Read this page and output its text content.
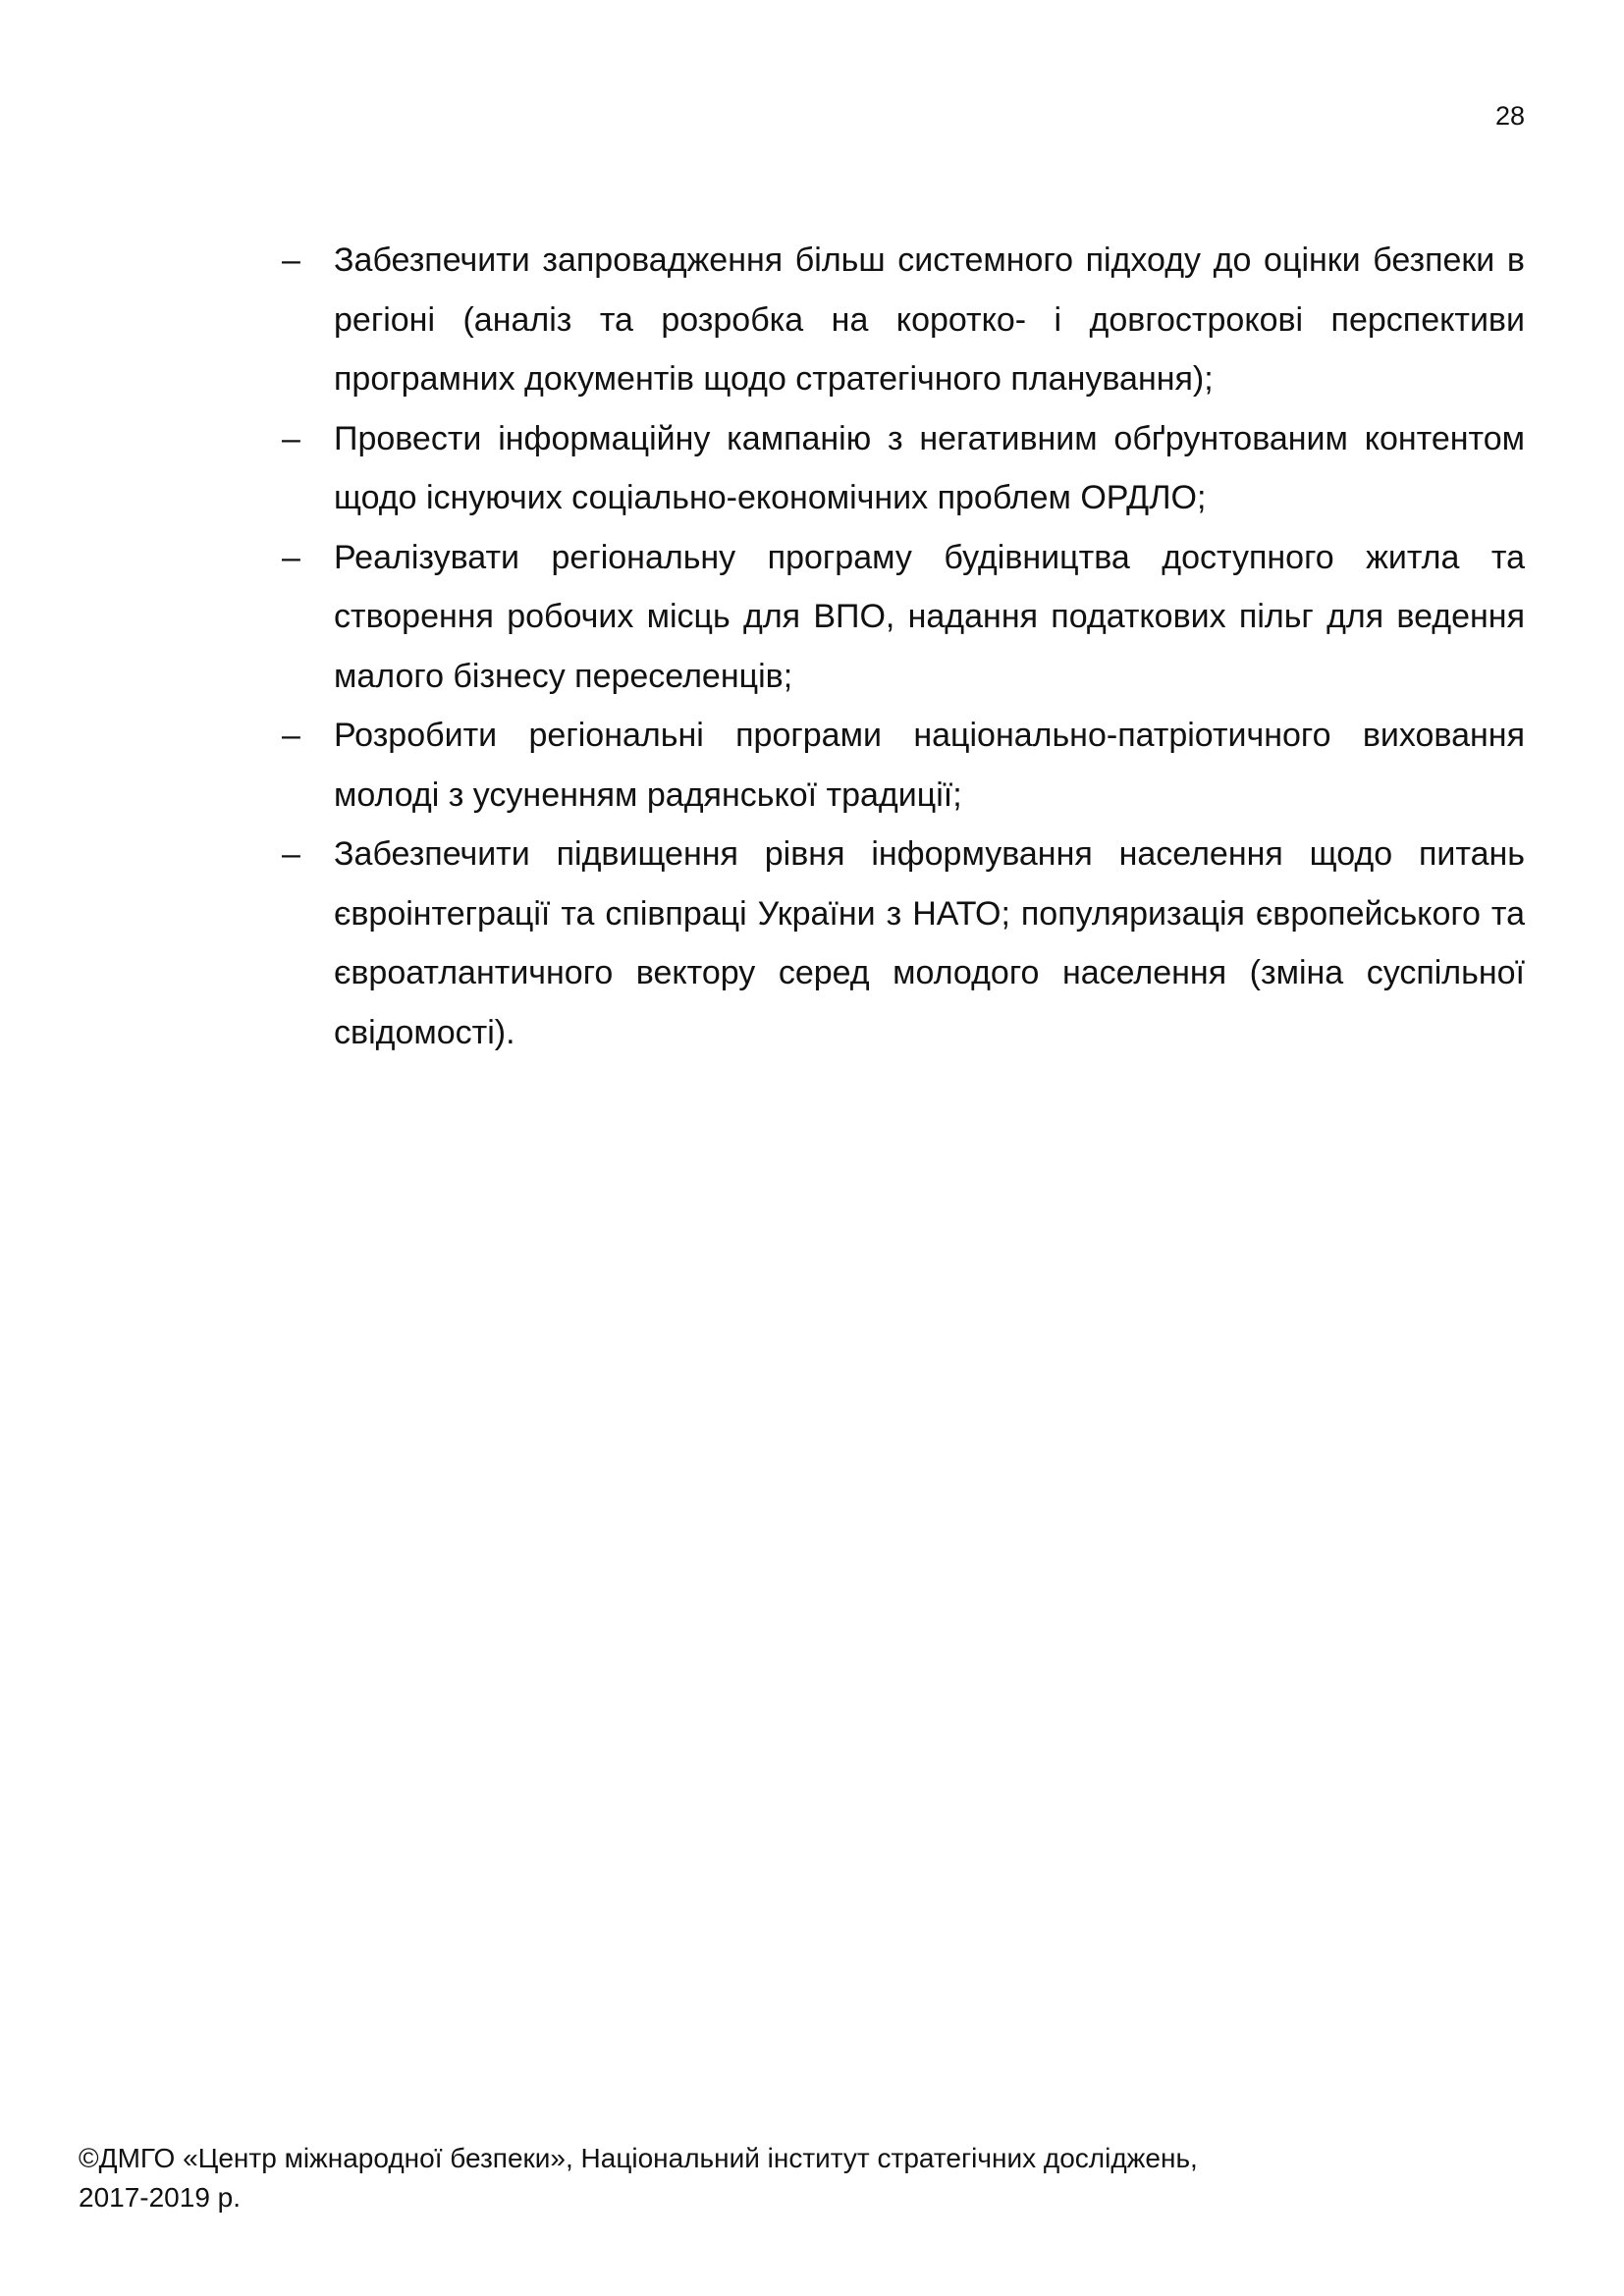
28
–	Забезпечити запровадження більш системного підходу до оцінки безпеки в регіоні (аналіз та розробка на коротко- і довгострокові перспективи програмних документів щодо стратегічного планування);
–	Провести інформаційну кампанію з негативним обґрунтованим контентом щодо існуючих соціально-економічних проблем ОРДЛО;
–	Реалізувати регіональну програму будівництва доступного житла та створення робочих місць для ВПО, надання податкових пільг для ведення малого бізнесу переселенців;
–	Розробити регіональні програми національно-патріотичного виховання молоді з усуненням радянської традиції;
–	Забезпечити підвищення рівня інформування населення щодо питань євроінтеграції та співпраці України з НАТО; популяризація європейського та євроатлантичного вектору серед молодого населення (зміна суспільної свідомості).
©ДМГО «Центр міжнародної безпеки», Національний інститут стратегічних досліджень,
2017-2019 р.
